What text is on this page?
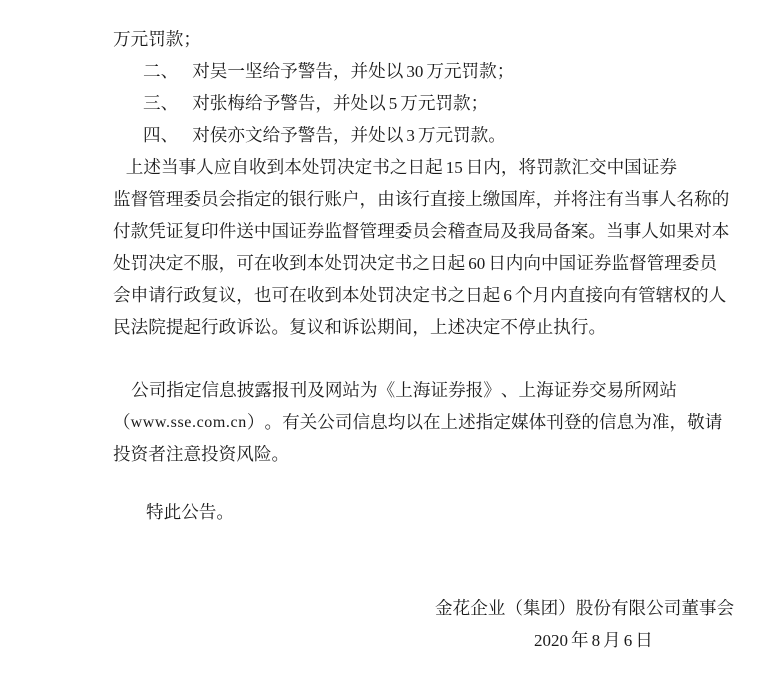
万元罚款；
二、 对吴一坚给予警告，并处以 30 万元罚款；
三、 对张梅给予警告，并处以 5 万元罚款；
四、 对侯亦文给予警告，并处以 3 万元罚款。
上 述 当 事 人 应 自 收 到 本 处 罚 决 定 书 之 日 起 15 日 内 ， 将 罚 款 汇 交 中 国 证 券
监 督 管 理 委 员 会 指 定 的 银 行 账 户 ， 由 该 行 直 接 上 缴 国 库 ， 并 将 注 有 当 事 人 名 称 的
付 款 凭 证 复 印 件 送 中 国 证 券 监 督 管 理 委 员 会 稽 查 局 及 我 局 备 案 。 当 事 人 如 果 对 本
处 罚 决 定 不 服 ， 可 在 收 到 本 处 罚 决 定 书 之 日 起 60 日 内 向 中 国 证 券 监 督 管 理 委 员
会 申 请 行 政 复 议 ， 也 可 在 收 到 本 处 罚 决 定 书 之 日 起 6 个 月 内 直 接 向 有 管 辖 权 的 人
民 法 院 提 起 行 政 诉 讼 。 复 议 和 诉 讼 期 间 ， 上 述 决 定 不 停 止 执 行 。
公 司 指 定 信 息 披 露 报 刊 及 网 站 为 《 上 海 证 券 报 》 、 上 海 证 券 交 易 所 网 站
（ www.sse.com.cn ） 。 有 关 公 司 信 息 均 以 在 上 述 指 定 媒 体 刊 登 的 信 息 为 准 ， 敬 请
投 资 者 注 意 投 资 风 险 。
特此公告。
金花企业（集团）股份有限公司董事会
2020 年 8 月 6 日
